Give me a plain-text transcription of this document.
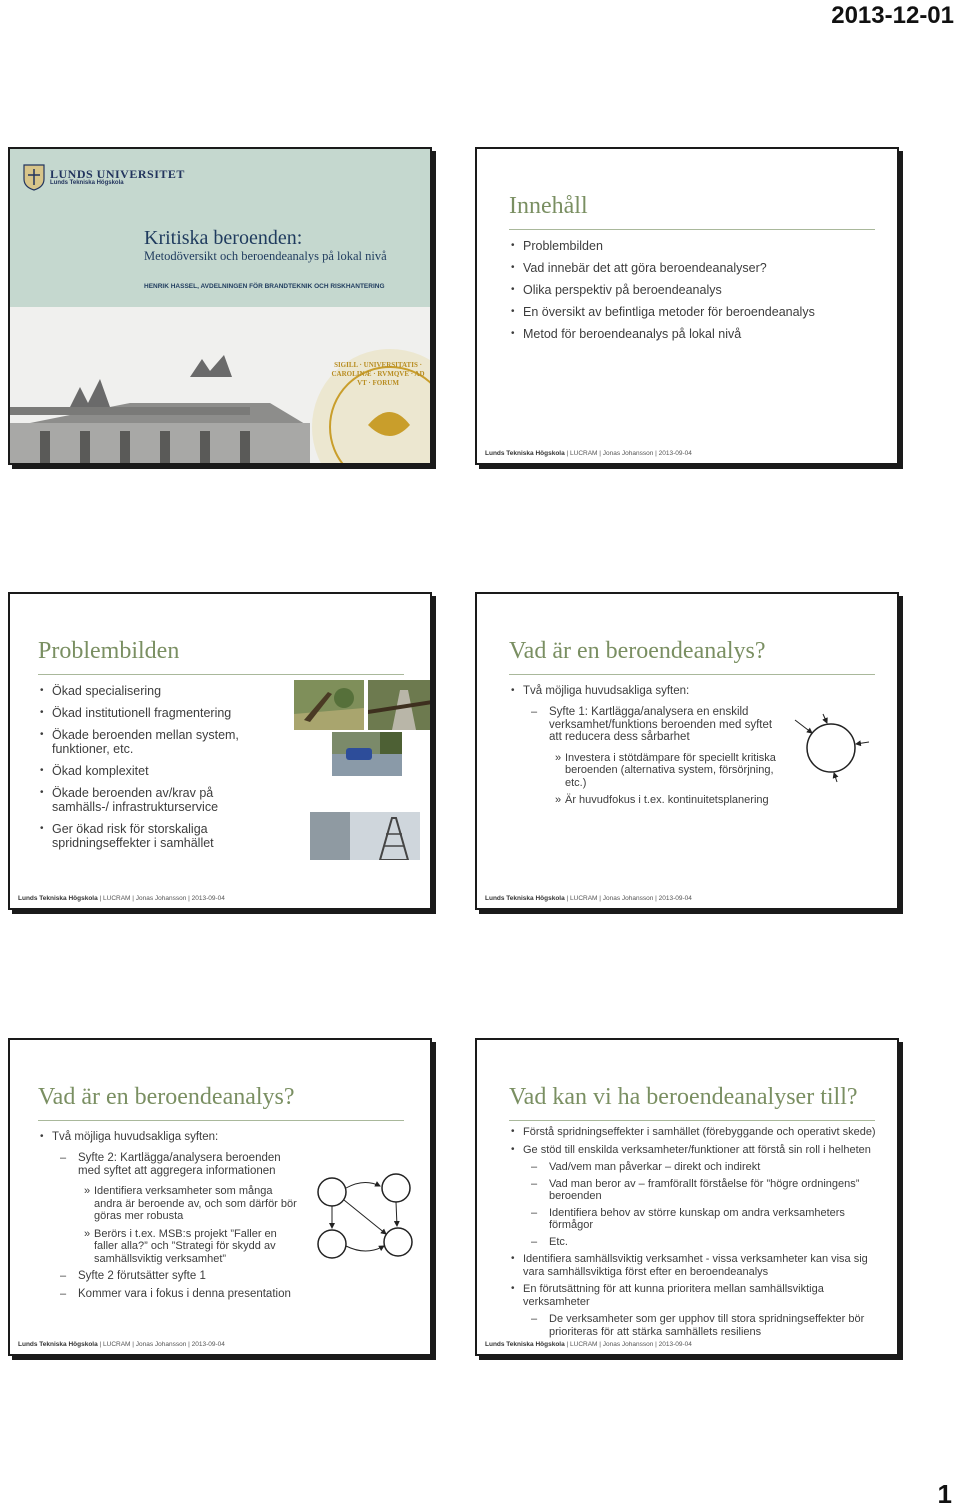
2013-12-01
LUNDS UNIVERSITET
Lunds Tekniska Högskola
Kritiska beroenden:
Metodöversikt och beroendeanalys på lokal nivå
HENRIK HASSEL, AVDELNINGEN FÖR BRANDTEKNIK OCH RISKHANTERING
SIGILL · UNIVERSITATIS · CAROLINÆ · RVMQVE · AD VT · FORUM
Innehåll
• Problembilden
• Vad innebär det att göra beroendeanalyser?
• Olika perspektiv på beroendeanalys
• En översikt av befintliga metoder för beroendeanalys
• Metod för beroendeanalys på lokal nivå
Lunds Tekniska Högskola | LUCRAM | Jonas Johansson | 2013-09-04
Problembilden
• Ökad specialisering
• Ökad institutionell fragmentering
• Ökade beroenden mellan system, funktioner, etc.
• Ökad komplexitet
• Ökade beroenden av/krav på samhälls-/ infrastrukturservice
• Ger ökad risk för storskaliga spridningseffekter i samhället
Lunds Tekniska Högskola | LUCRAM | Jonas Johansson | 2013-09-04
Vad är en beroendeanalys?
• Två möjliga huvudsakliga syften:
– Syfte 1: Kartlägga/analysera en enskild verksamhet/funktions beroenden med syftet att reducera dess sårbarhet
» Investera i stötdämpare för speciellt kritiska beroenden (alternativa system, försörjning, etc.)
» Är huvudfokus i t.ex. kontinuitetsplanering
Lunds Tekniska Högskola | LUCRAM | Jonas Johansson | 2013-09-04
Vad är en beroendeanalys?
• Två möjliga huvudsakliga syften:
– Syfte 2: Kartlägga/analysera beroenden med syftet att aggregera informationen
» Identifiera verksamheter som många andra är beroende av, och som därför bör göras mer robusta
» Berörs i t.ex. MSB:s projekt ”Faller en faller alla?” och ”Strategi för skydd av samhällsviktig verksamhet”
– Syfte 2 förutsätter syfte 1
– Kommer vara i fokus i denna presentation
Lunds Tekniska Högskola | LUCRAM | Jonas Johansson | 2013-09-04
Vad kan vi ha beroendeanalyser till?
• Förstå spridningseffekter i samhället (förebyggande och operativt skede)
• Ge stöd till enskilda verksamheter/funktioner att förstå sin roll i helheten
– Vad/vem man påverkar – direkt och indirekt
– Vad man beror av – framförallt förståelse för ”högre ordningens” beroenden
– Identifiera behov av större kunskap om andra verksamheters förmågor
– Etc.
• Identifiera samhällsviktig verksamhet - vissa verksamheter kan visa sig vara samhällsviktiga först efter en beroendeanalys
• En förutsättning för att kunna prioritera mellan samhällsviktiga verksamheter
– De verksamheter som ger upphov till stora spridningseffekter bör prioriteras för att stärka samhällets resiliens
Lunds Tekniska Högskola | LUCRAM | Jonas Johansson | 2013-09-04
1
